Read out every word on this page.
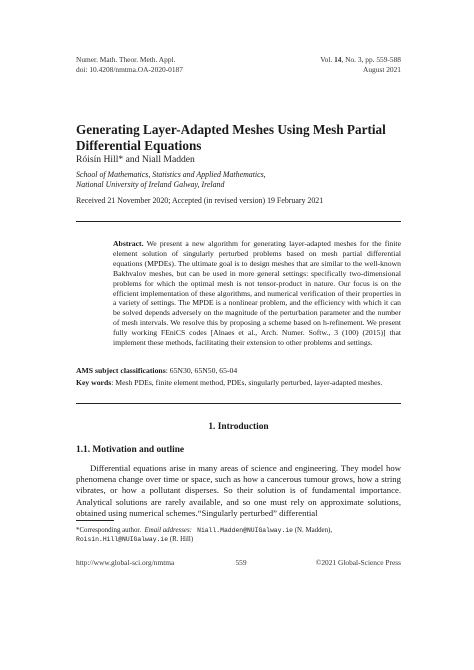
Numer. Math. Theor. Meth. Appl.
doi: 10.4208/nmtma.OA-2020-0187
Vol. 14, No. 3, pp. 559-588
August 2021
Generating Layer-Adapted Meshes Using Mesh Partial Differential Equations
Róisín Hill* and Niall Madden
School of Mathematics, Statistics and Applied Mathematics,
National University of Ireland Galway, Ireland
Received 21 November 2020; Accepted (in revised version) 19 February 2021
Abstract. We present a new algorithm for generating layer-adapted meshes for the finite element solution of singularly perturbed problems based on mesh partial differential equations (MPDEs). The ultimate goal is to design meshes that are similar to the well-known Bakhvalov meshes, but can be used in more general settings: specifically two-dimensional problems for which the optimal mesh is not tensor-product in nature. Our focus is on the efficient implementation of these algorithms, and numerical verification of their properties in a variety of settings. The MPDE is a nonlinear problem, and the efficiency with which it can be solved depends adversely on the magnitude of the perturbation parameter and the number of mesh intervals. We resolve this by proposing a scheme based on h-refinement. We present fully working FEniCS codes [Alnaes et al., Arch. Numer. Softw., 3 (100) (2015)] that implement these methods, facilitating their extension to other problems and settings.
AMS subject classifications: 65N30, 65N50, 65-04
Key words: Mesh PDEs, finite element method, PDEs, singularly perturbed, layer-adapted meshes.
1. Introduction
1.1. Motivation and outline
Differential equations arise in many areas of science and engineering. They model how phenomena change over time or space, such as how a cancerous tumour grows, how a string vibrates, or how a pollutant disperses. So their solution is of fundamental importance. Analytical solutions are rarely available, and so one must rely on approximate solutions, obtained using numerical schemes.“Singularly perturbed” differential
*Corresponding author. Email addresses: Niall.Madden@NUIGalway.ie (N. Madden), Roisin.Hill@NUIGalway.ie (R. Hill)
http://www.global-sci.org/nmtma	559	©2021 Global-Science Press
